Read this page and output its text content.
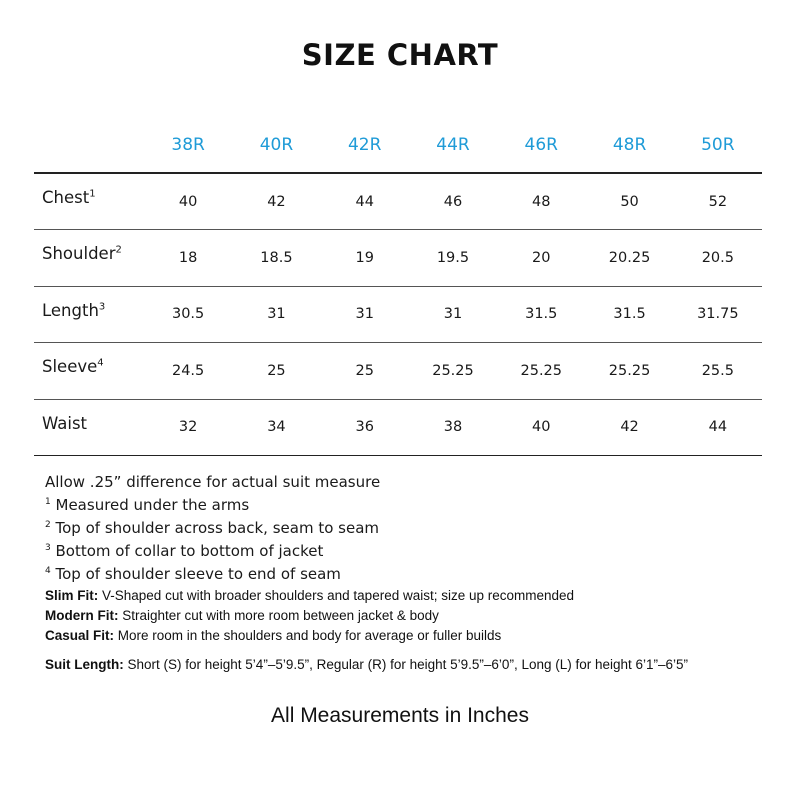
SIZE CHART
	38R	40R	42R	44R	46R	48R	50R
Chest$^1$	40	42	44	46	48	50	52
Shoulder$^2$	18	18.5	19	19.5	20	20.25	20.5
Length$^3$	30.5	31	31	31	31.5	31.5	31.75
Sleeve$^4$	24.5	25	25	25.25	25.25	25.25	25.5
Waist	32	34	36	38	40	42	44
Allow .25” difference for actual suit measure
$^1$ Measured under the arms
$^2$ Top of shoulder across back, seam to seam
$^3$ Bottom of collar to bottom of jacket
$^4$ Top of shoulder sleeve to end of seam
Slim Fit: V-Shaped cut with broader shoulders and tapered waist; size up recommended
Modern Fit: Straighter cut with more room between jacket & body
Casual Fit: More room in the shoulders and body for average or fuller builds
Suit Length: Short (S) for height 5’4”–5’9.5”, Regular (R) for height 5’9.5”–6’0”, Long (L) for height 6’1”–6’5”
All Measurements in Inches
